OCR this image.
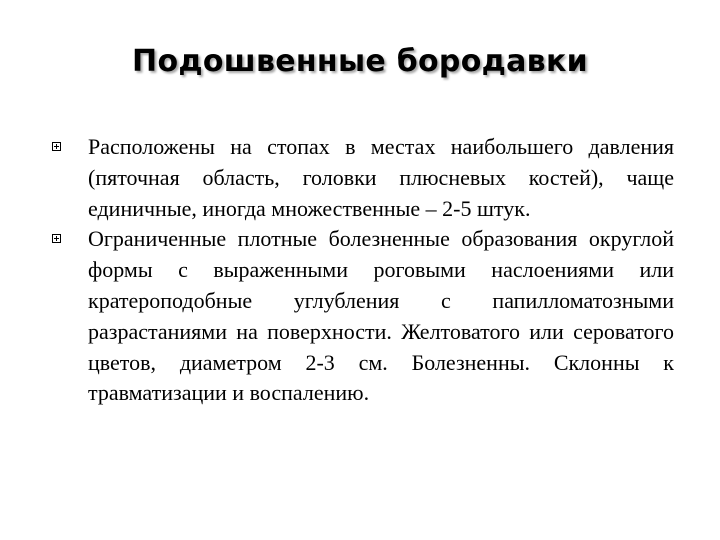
Подошвенные бородавки
Расположены на стопах в местах наибольшего давления (пяточная область, головки плюсневых костей), чаще единичные, иногда множественные – 2-5 штук.
Ограниченные плотные болезненные образования округлой формы с выраженными роговыми наслоениями или кратероподобные углубления с папилломатозными разрастаниями на поверхности. Желтоватого или сероватого цветов, диаметром 2-3 см. Болезненны. Склонны к травматизации и воспалению.
